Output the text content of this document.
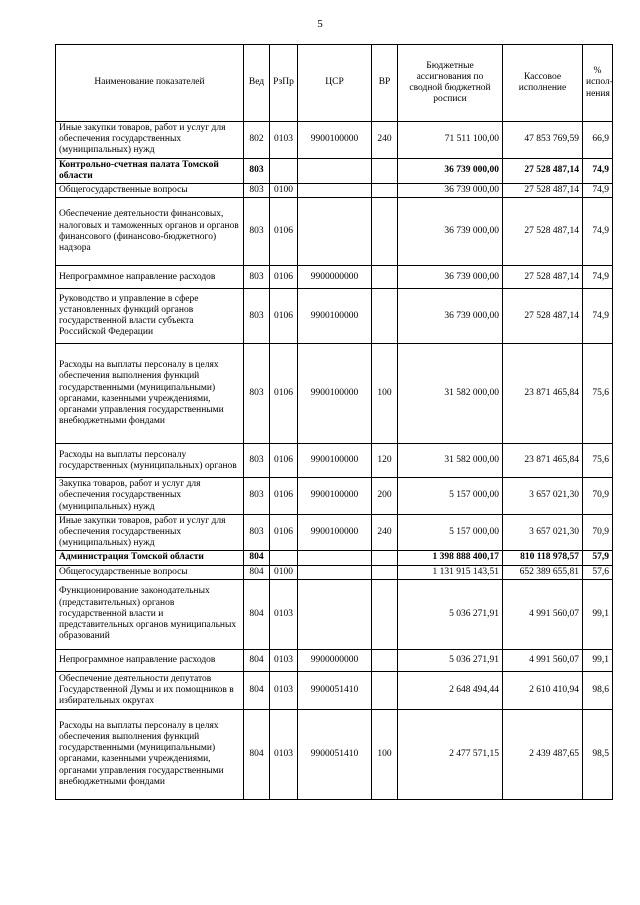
5
Наименование показателей	Вед	РзПр	ЦСР	ВР	Бюджетные ассигнования по сводной бюджетной росписи	Кассовое исполнение	% испол-нения
Иные закупки товаров, работ и услуг для обеспечения государственных (муниципальных) нужд	802	0103	9900100000	240	71 511 100,00	47 853 769,59	66,9
Контрольно-счетная палата Томской области	803				36 739 000,00	27 528 487,14	74,9
Общегосударственные вопросы	803	0100			36 739 000,00	27 528 487,14	74,9
Обеспечение деятельности финансовых, налоговых и таможенных органов и органов финансового (финансово-бюджетного) надзора	803	0106			36 739 000,00	27 528 487,14	74,9
Непрограммное направление расходов	803	0106	9900000000		36 739 000,00	27 528 487,14	74,9
Руководство и управление в сфере установленных функций органов государственной власти субъекта Российской Федерации	803	0106	9900100000		36 739 000,00	27 528 487,14	74,9
Расходы на выплаты персоналу в целях обеспечения выполнения функций государственными (муниципальными) органами, казенными учреждениями, органами управления государственными внебюджетными фондами	803	0106	9900100000	100	31 582 000,00	23 871 465,84	75,6
Расходы на выплаты персоналу государственных (муниципальных) органов	803	0106	9900100000	120	31 582 000,00	23 871 465,84	75,6
Закупка товаров, работ и услуг для обеспечения государственных (муниципальных) нужд	803	0106	9900100000	200	5 157 000,00	3 657 021,30	70,9
Иные закупки товаров, работ и услуг для обеспечения государственных (муниципальных) нужд	803	0106	9900100000	240	5 157 000,00	3 657 021,30	70,9
Администрация Томской области	804				1 398 888 400,17	810 118 978,57	57,9
Общегосударственные вопросы	804	0100			1 131 915 143,51	652 389 655,81	57,6
Функционирование законодательных (представительных) органов государственной власти и представительных органов муниципальных образований	804	0103			5 036 271,91	4 991 560,07	99,1
Непрограммное направление расходов	804	0103	9900000000		5 036 271,91	4 991 560,07	99,1
Обеспечение деятельности депутатов Государственной Думы и их помощников в избирательных округах	804	0103	9900051410		2 648 494,44	2 610 410,94	98,6
Расходы на выплаты персоналу в целях обеспечения выполнения функций государственными (муниципальными) органами, казенными учреждениями, органами управления государственными внебюджетными фондами	804	0103	9900051410	100	2 477 571,15	2 439 487,65	98,5
